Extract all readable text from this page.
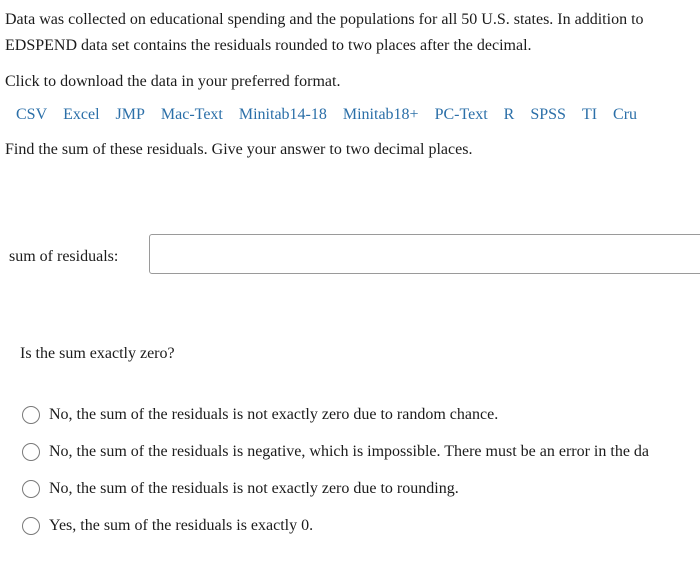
Data was collected on educational spending and the populations for all 50 U.S. states. In addition to
EDSPEND data set contains the residuals rounded to two places after the decimal.
Click to download the data in your preferred format.
CSV Excel JMP Mac-Text Minitab14-18 Minitab18+ PC-Text R SPSS TI Cru
Find the sum of these residuals. Give your answer to two decimal places.
sum of residuals:
Is the sum exactly zero?
No, the sum of the residuals is not exactly zero due to random chance.
No, the sum of the residuals is negative, which is impossible. There must be an error in the da
No, the sum of the residuals is not exactly zero due to rounding.
Yes, the sum of the residuals is exactly 0.
